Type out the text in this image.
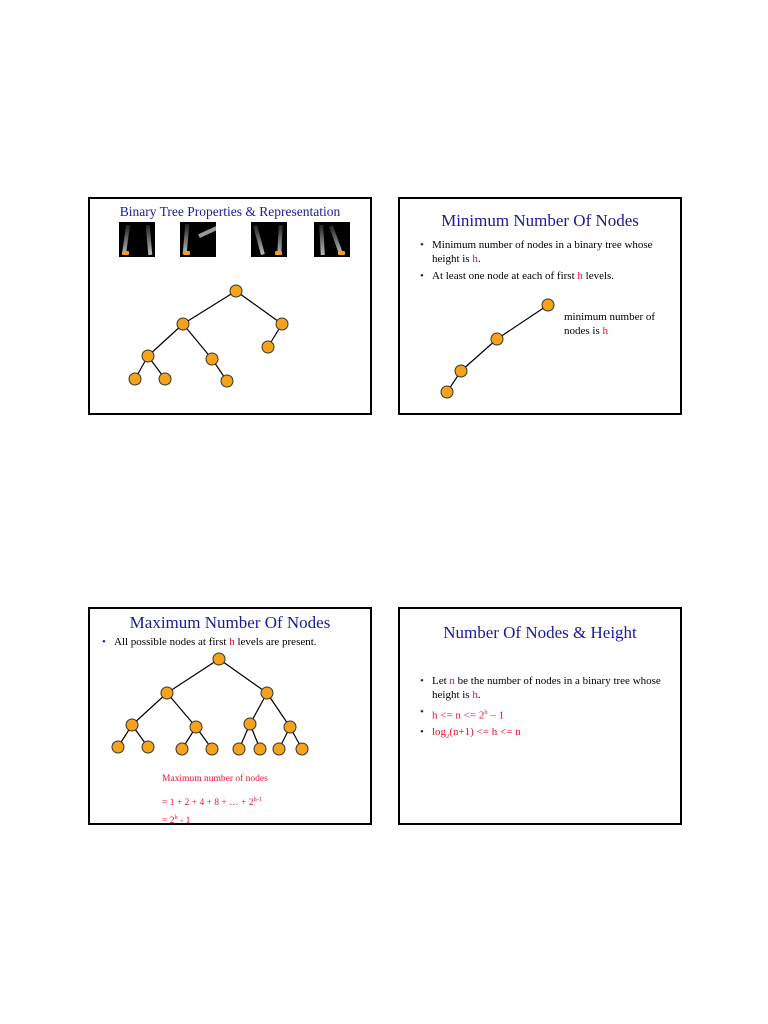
Binary Tree Properties & Representation	Minimum Number Of Nodes
• Minimum number of nodes in a binary tree whose height is h.
• At least one node at each of first h levels.
minimum number of nodes is h
Maximum Number Of Nodes
• All possible nodes at first h levels are present.
Maximum number of nodes
= 1 + 2 + 4 + 8 + … + $2^{h-1}$
= $2^h - 1$
Number Of Nodes & Height
• Let n be the number of nodes in a binary tree whose height is h.
• $h <= n <= 2^h - 1$
• $\log_2(n+1) <= h <= n$
